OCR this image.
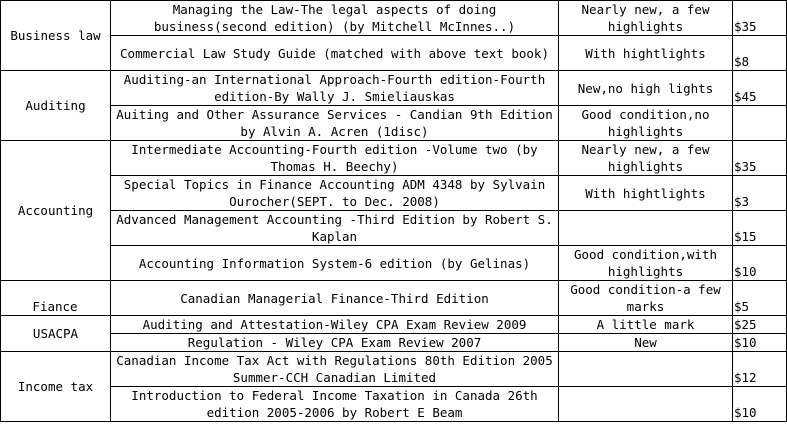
Business law	Managing the Law-The legal aspects of doing business(second edition) (by Mitchell McInnes..)	Nearly new, a few highlights	$35
	Commercial Law Study Guide (matched with above text book)	With hightlights	$8
Auditing	Auditing-an International Approach-Fourth edition-Fourth edition-By Wally J. Smieliauskas	New,no high lights	$45
	Auiting and Other Assurance Services - Candian 9th Edition by Alvin A. Acren (1disc)	Good condition,no highlights	
Accounting	Intermediate Accounting-Fourth edition -Volume two (by Thomas H. Beechy)	Nearly new, a few highlights	$35
	Special Topics in Finance Accounting ADM 4348 by Sylvain Ourocher(SEPT. to Dec. 2008)	With hightlights	$3
	Advanced Management Accounting -Third Edition by Robert S. Kaplan		$15
	Accounting Information System-6 edition (by Gelinas)	Good condition,with highlights	$10
Fiance	Canadian Managerial Finance-Third Edition	Good condition-a few marks	$5
USACPA	Auditing and Attestation-Wiley CPA Exam Review 2009	A little mark	$25
	Regulation - Wiley CPA Exam Review 2007	New	$10
Income tax	Canadian Income Tax Act with Regulations 80th Edition 2005 Summer-CCH Canadian Limited		$12
	Introduction to Federal Income Taxation in Canada 26th edition 2005-2006 by Robert E Beam		$10
